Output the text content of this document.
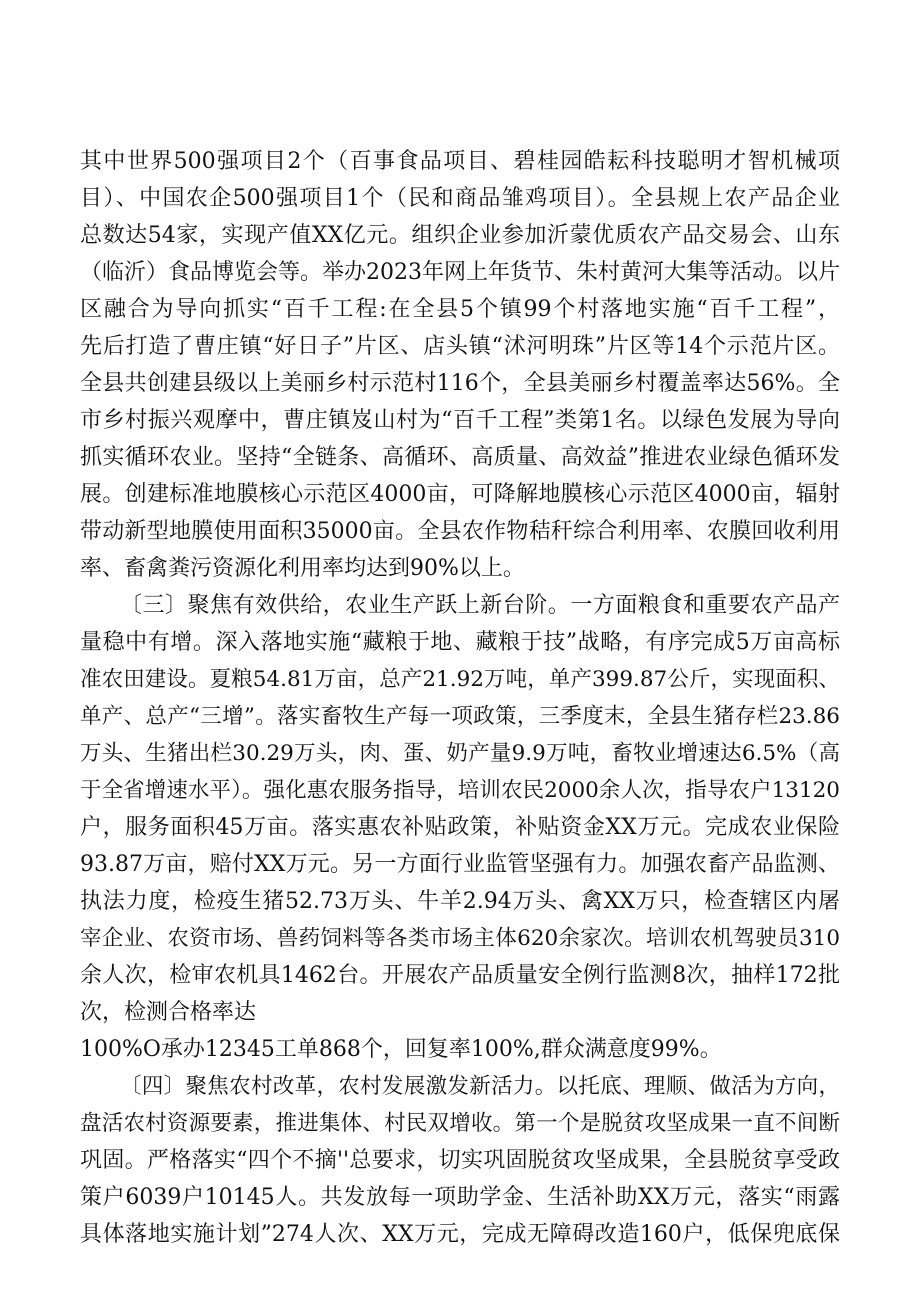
其中世界500强项目2个（百事食品项目、碧桂园皓耘科技聪明才智机械项
目）、中国农企500强项目1个（民和商品雏鸡项目）。全县规上农产品企业
总数达54家，实现产值XX亿元。组织企业参加沂蒙优质农产品交易会、山东
（临沂）食品博览会等。举办2023年网上年货节、朱村黄河大集等活动。以片
区融合为导向抓实“百千工程:在全县5个镇99个村落地实施“百千工程”，
先后打造了曹庄镇“好日子”片区、店头镇“沭河明珠”片区等14个示范片区。
全县共创建县级以上美丽乡村示范村116个，全县美丽乡村覆盖率达56%。全
市乡村振兴观摩中，曹庄镇岌山村为“百千工程”类第1名。以绿色发展为导向
抓实循环农业。坚持“全链条、高循环、高质量、高效益”推进农业绿色循环发
展。创建标准地膜核心示范区4000亩，可降解地膜核心示范区4000亩，辐射
带动新型地膜使用面积35000亩。全县农作物秸秆综合利用率、农膜回收利用
率、畜禽粪污资源化利用率均达到90%以上。
〔三〕聚焦有效供给，农业生产跃上新台阶。一方面粮食和重要农产品产
量稳中有增。深入落地实施“藏粮于地、藏粮于技”战略，有序完成5万亩高标
准农田建设。夏粮54.81万亩，总产21.92万吨，单产399.87公斤，实现面积、
单产、总产“三增”。落实畜牧生产每一项政策，三季度末，全县生猪存栏23.86
万头、生猪出栏30.29万头，肉、蛋、奶产量9.9万吨，畜牧业增速达6.5%（高
于全省增速水平）。强化惠农服务指导，培训农民2000余人次，指导农户13120
户，服务面积45万亩。落实惠农补贴政策，补贴资金XX万元。完成农业保险
93.87万亩，赔付XX万元。另一方面行业监管坚强有力。加强农畜产品监测、
执法力度，检疫生猪52.73万头、牛羊2.94万头、禽XX万只，检查辖区内屠
宰企业、农资市场、兽药饲料等各类市场主体620余家次。培训农机驾驶员310
余人次，检审农机具1462台。开展农产品质量安全例行监测8次，抽样172批
次，检测合格率达
100%O承办12345工单868个，回复率100%,群众满意度99%。
〔四〕聚焦农村改革，农村发展激发新活力。以托底、理顺、做活为方向，
盘活农村资源要素，推进集体、村民双增收。第一个是脱贫攻坚成果一直不间断
巩固。严格落实“四个不摘''总要求，切实巩固脱贫攻坚成果，全县脱贫享受政
策户6039户10145人。共发放每一项助学金、生活补助XX万元，落实“雨露
具体落地实施计划”274人次、XX万元，完成无障碍改造160户，低保兜底保
